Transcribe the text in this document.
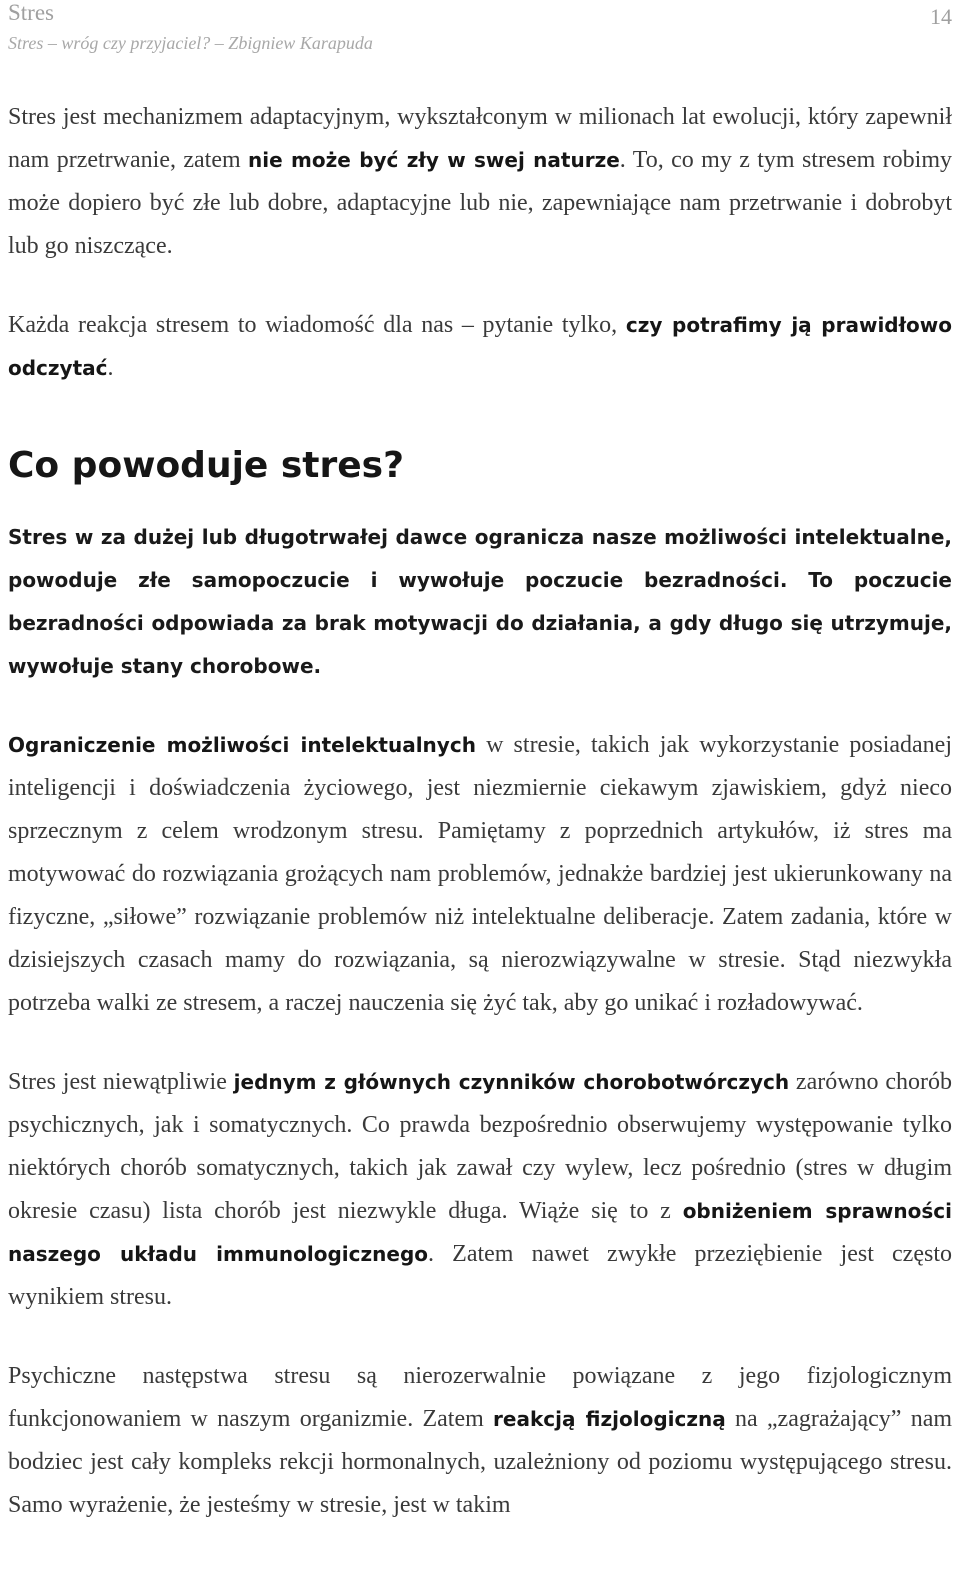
Stres
Stres – wróg czy przyjaciel? – Zbigniew Karapuda
14

Stres jest mechanizmem adaptacyjnym, wykształconym w milionach lat ewolucji, który zapewnił nam przetrwanie, zatem nie może być zły w swej naturze. To, co my z tym stresem robimy może dopiero być złe lub dobre, adaptacyjne lub nie, zapewniające nam przetrwanie i dobrobyt lub go niszczące.

Każda reakcja stresem to wiadomość dla nas – pytanie tylko, czy potrafimy ją prawidłowo odczytać.

Co powoduje stres?

Stres w za dużej lub długotrwałej dawce ogranicza nasze możliwości intelektualne, powoduje złe samopoczucie i wywołuje poczucie bezradności. To poczucie bezradności odpowiada za brak motywacji do działania, a gdy długo się utrzymuje, wywołuje stany chorobowe.

Ograniczenie możliwości intelektualnych w stresie, takich jak wykorzystanie posiadanej inteligencji i doświadczenia życiowego, jest niezmiernie ciekawym zjawiskiem, gdyż nieco sprzecznym z celem wrodzonym stresu. Pamiętamy z poprzednich artykułów, iż stres ma motywować do rozwiązania grożących nam problemów, jednakże bardziej jest ukierunkowany na fizyczne, „siłowe” rozwiązanie problemów niż intelektualne deliberacje. Zatem zadania, które w dzisiejszych czasach mamy do rozwiązania, są nierozwiązywalne w stresie. Stąd niezwykła potrzeba walki ze stresem, a raczej nauczenia się żyć tak, aby go unikać i rozładowywać.

Stres jest niewątpliwie jednym z głównych czynników chorobotwórczych zarówno chorób psychicznych, jak i somatycznych. Co prawda bezpośrednio obserwujemy występowanie tylko niektórych chorób somatycznych, takich jak zawał czy wylew, lecz pośrednio (stres w długim okresie czasu) lista chorób jest niezwykle długa. Wiąże się to z obniżeniem sprawności naszego układu immunologicznego. Zatem nawet zwykłe przeziębienie jest często wynikiem stresu.

Psychiczne następstwa stresu są nierozerwalnie powiązane z jego fizjologicznym funkcjonowaniem w naszym organizmie. Zatem reakcją fizjologiczną na „zagrażający” nam bodziec jest cały kompleks rekcji hormonalnych, uzależniony od poziomu występującego stresu. Samo wyrażenie, że jesteśmy w stresie, jest w takim
